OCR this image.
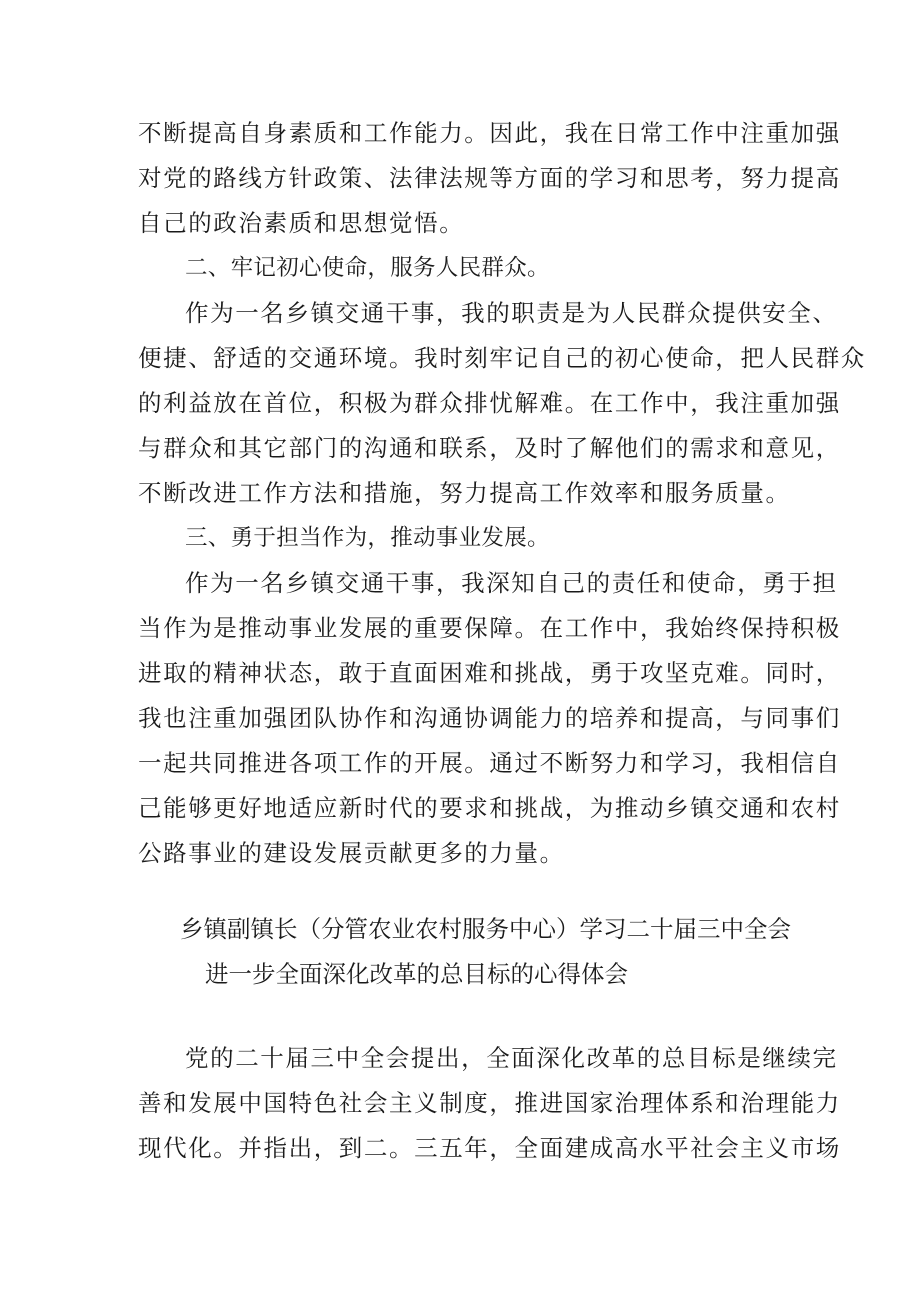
不断提高自身素质和工作能力。因此，我在日常工作中注重加强
对党的路线方针政策、法律法规等方面的学习和思考，努力提高
自己的政治素质和思想觉悟。
二、牢记初心使命，服务人民群众。
作为一名乡镇交通干事，我的职责是为人民群众提供安全、
便捷、舒适的交通环境。我时刻牢记自己的初心使命，把人民群众
的利益放在首位，积极为群众排忧解难。在工作中，我注重加强
与群众和其它部门的沟通和联系，及时了解他们的需求和意见，
不断改进工作方法和措施，努力提高工作效率和服务质量。
三、勇于担当作为，推动事业发展。
作为一名乡镇交通干事，我深知自己的责任和使命，勇于担
当作为是推动事业发展的重要保障。在工作中，我始终保持积极
进取的精神状态，敢于直面困难和挑战，勇于攻坚克难。同时，
我也注重加强团队协作和沟通协调能力的培养和提高，与同事们
一起共同推进各项工作的开展。通过不断努力和学习，我相信自
己能够更好地适应新时代的要求和挑战，为推动乡镇交通和农村
公路事业的建设发展贡献更多的力量。
乡镇副镇长（分管农业农村服务中心）学习二十届三中全会
进一步全面深化改革的总目标的心得体会
党的二十届三中全会提出，全面深化改革的总目标是继续完
善和发展中国特色社会主义制度，推进国家治理体系和治理能力
现代化。并指出，到二。三五年，全面建成高水平社会主义市场
